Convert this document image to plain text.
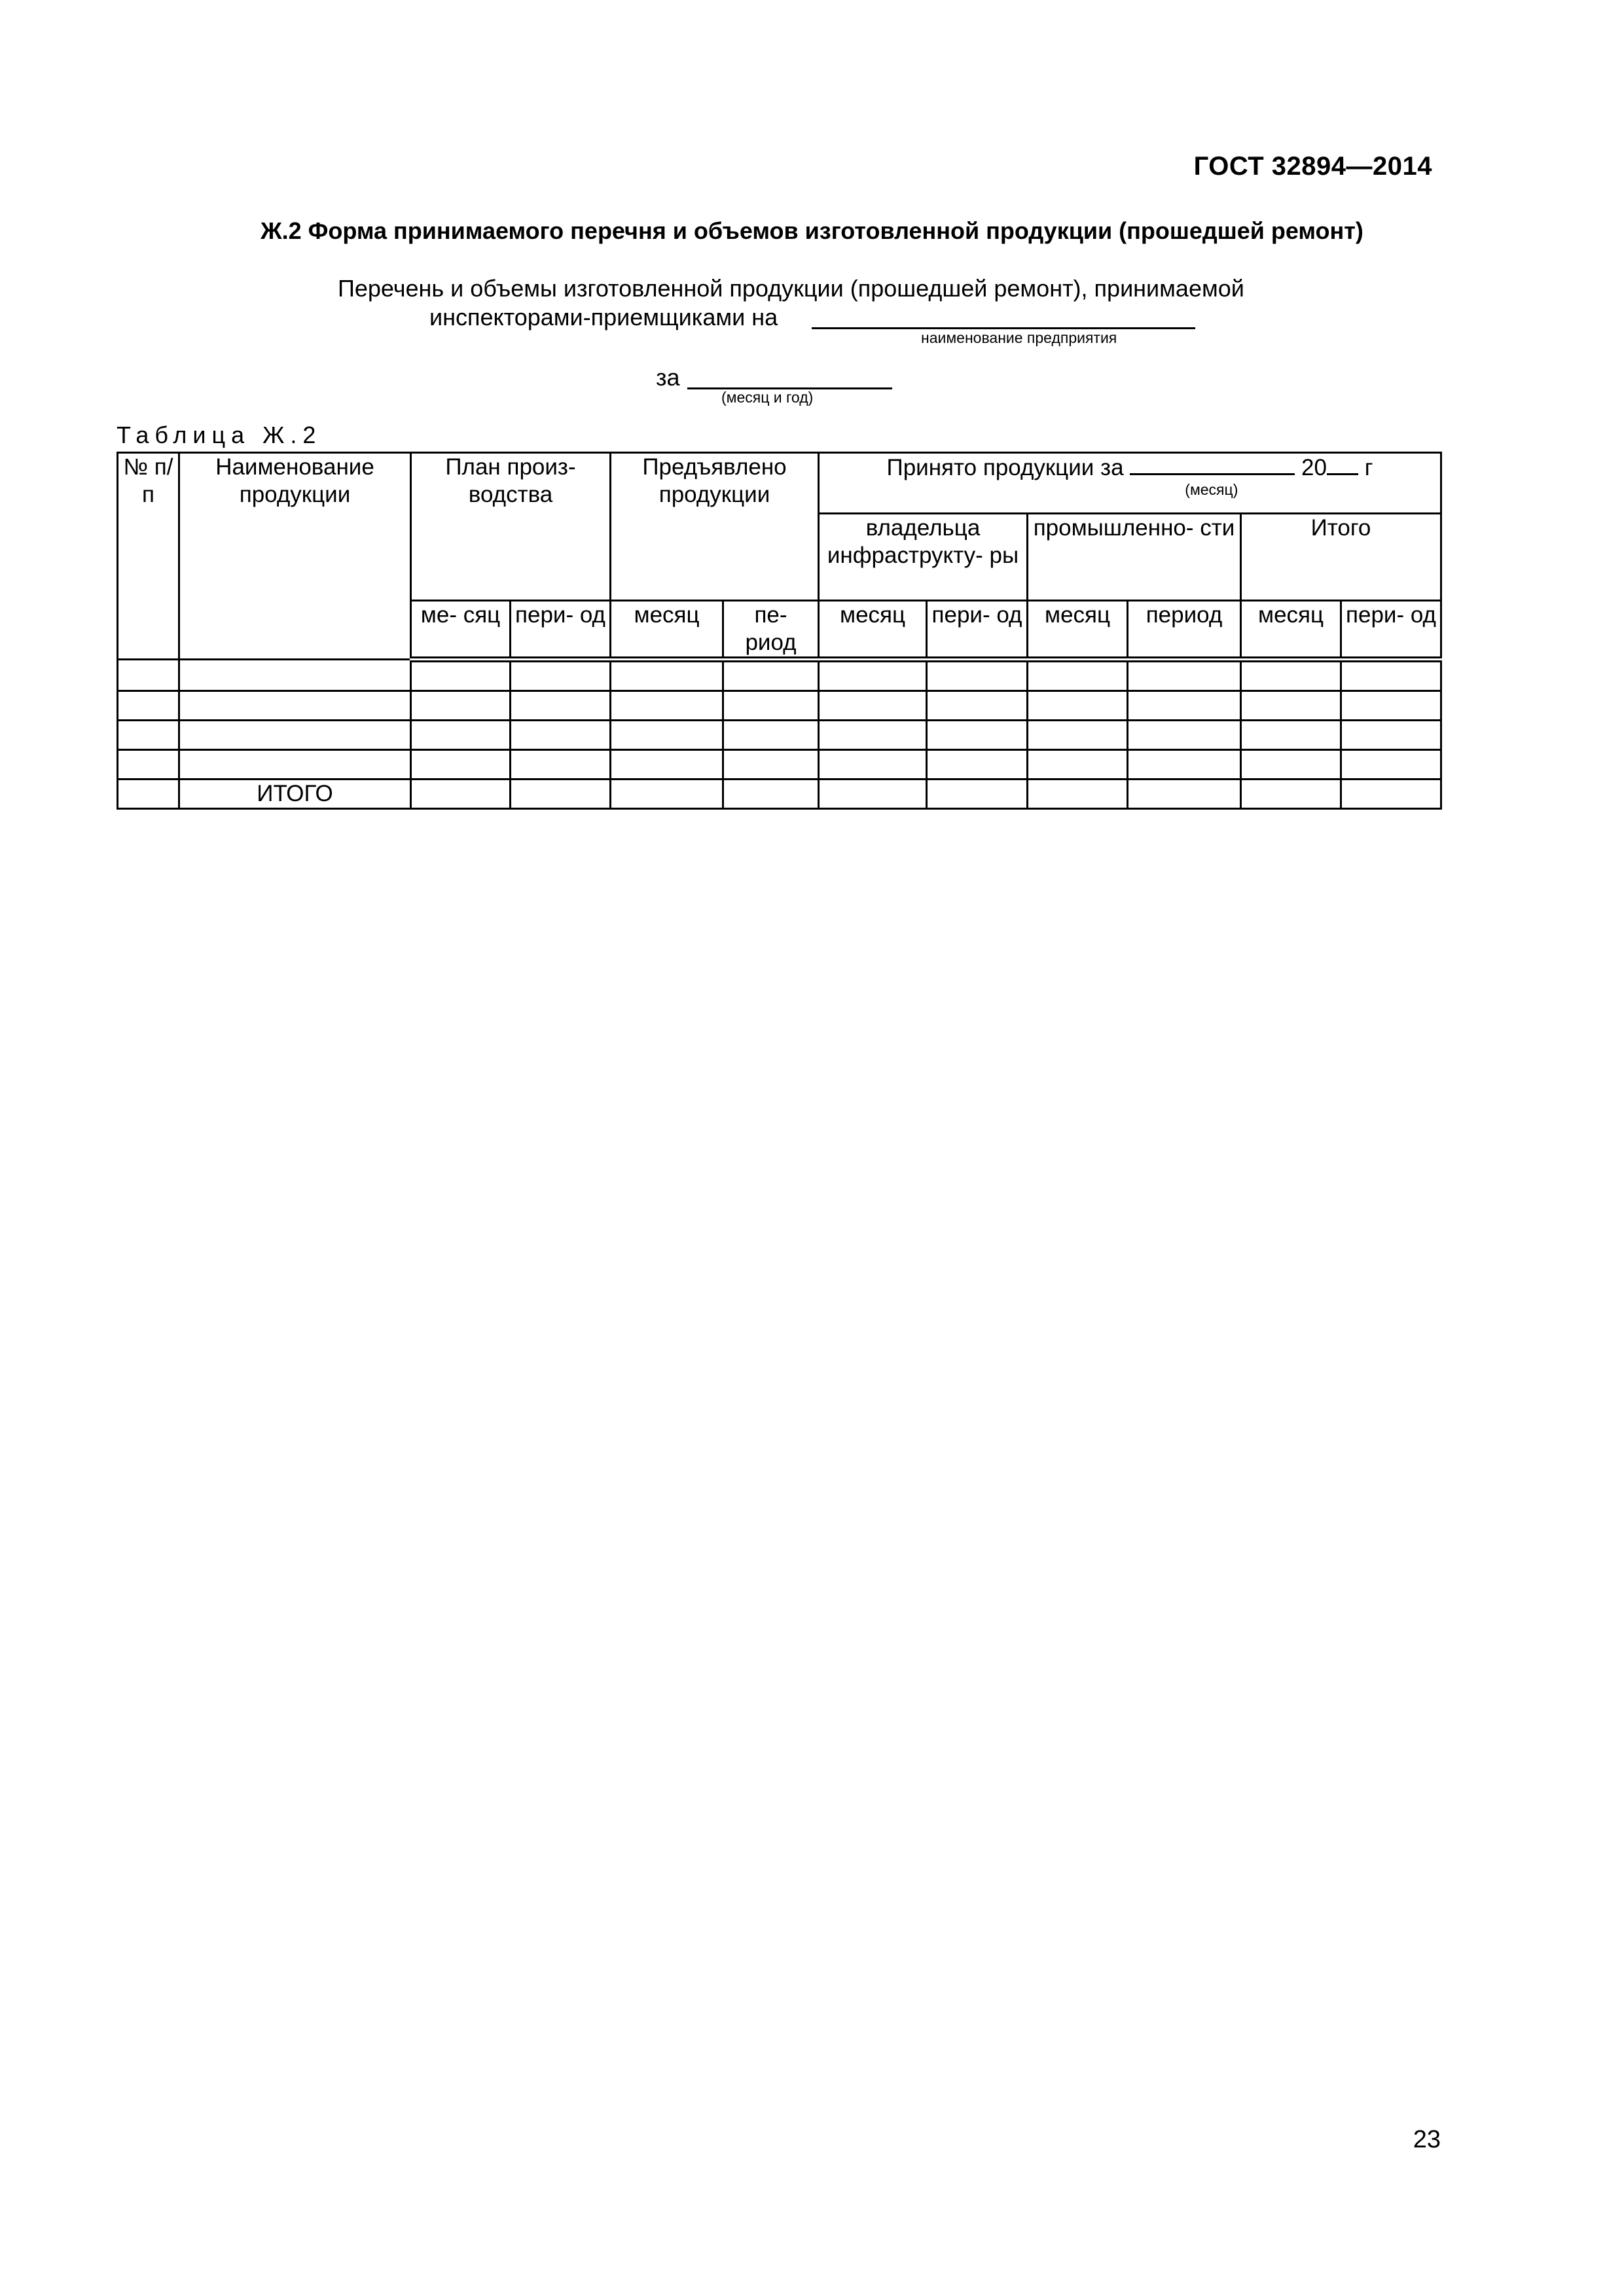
ГОСТ 32894—2014
Ж.2 Форма принимаемого перечня и объемов изготовленной продукции (прошедшей ремонт)
Перечень и объемы изготовленной продукции (прошедшей ремонт), принимаемой
инспекторами-приемщиками на
наименование предприятия
за
(месяц и год)
Таблица Ж.2
№ п/ п	Наименование продукции	План произ- водства		Предъявлено продукции		Принято продукции за
(месяц)
20 г					
						владельца инфраструкту- ры		промышленно- сти		Итого	
		ме- сяц	пери- од	месяц	пе- риод	месяц	пери- од	месяц	период	месяц	пери- од

	ИТОГО										
23
